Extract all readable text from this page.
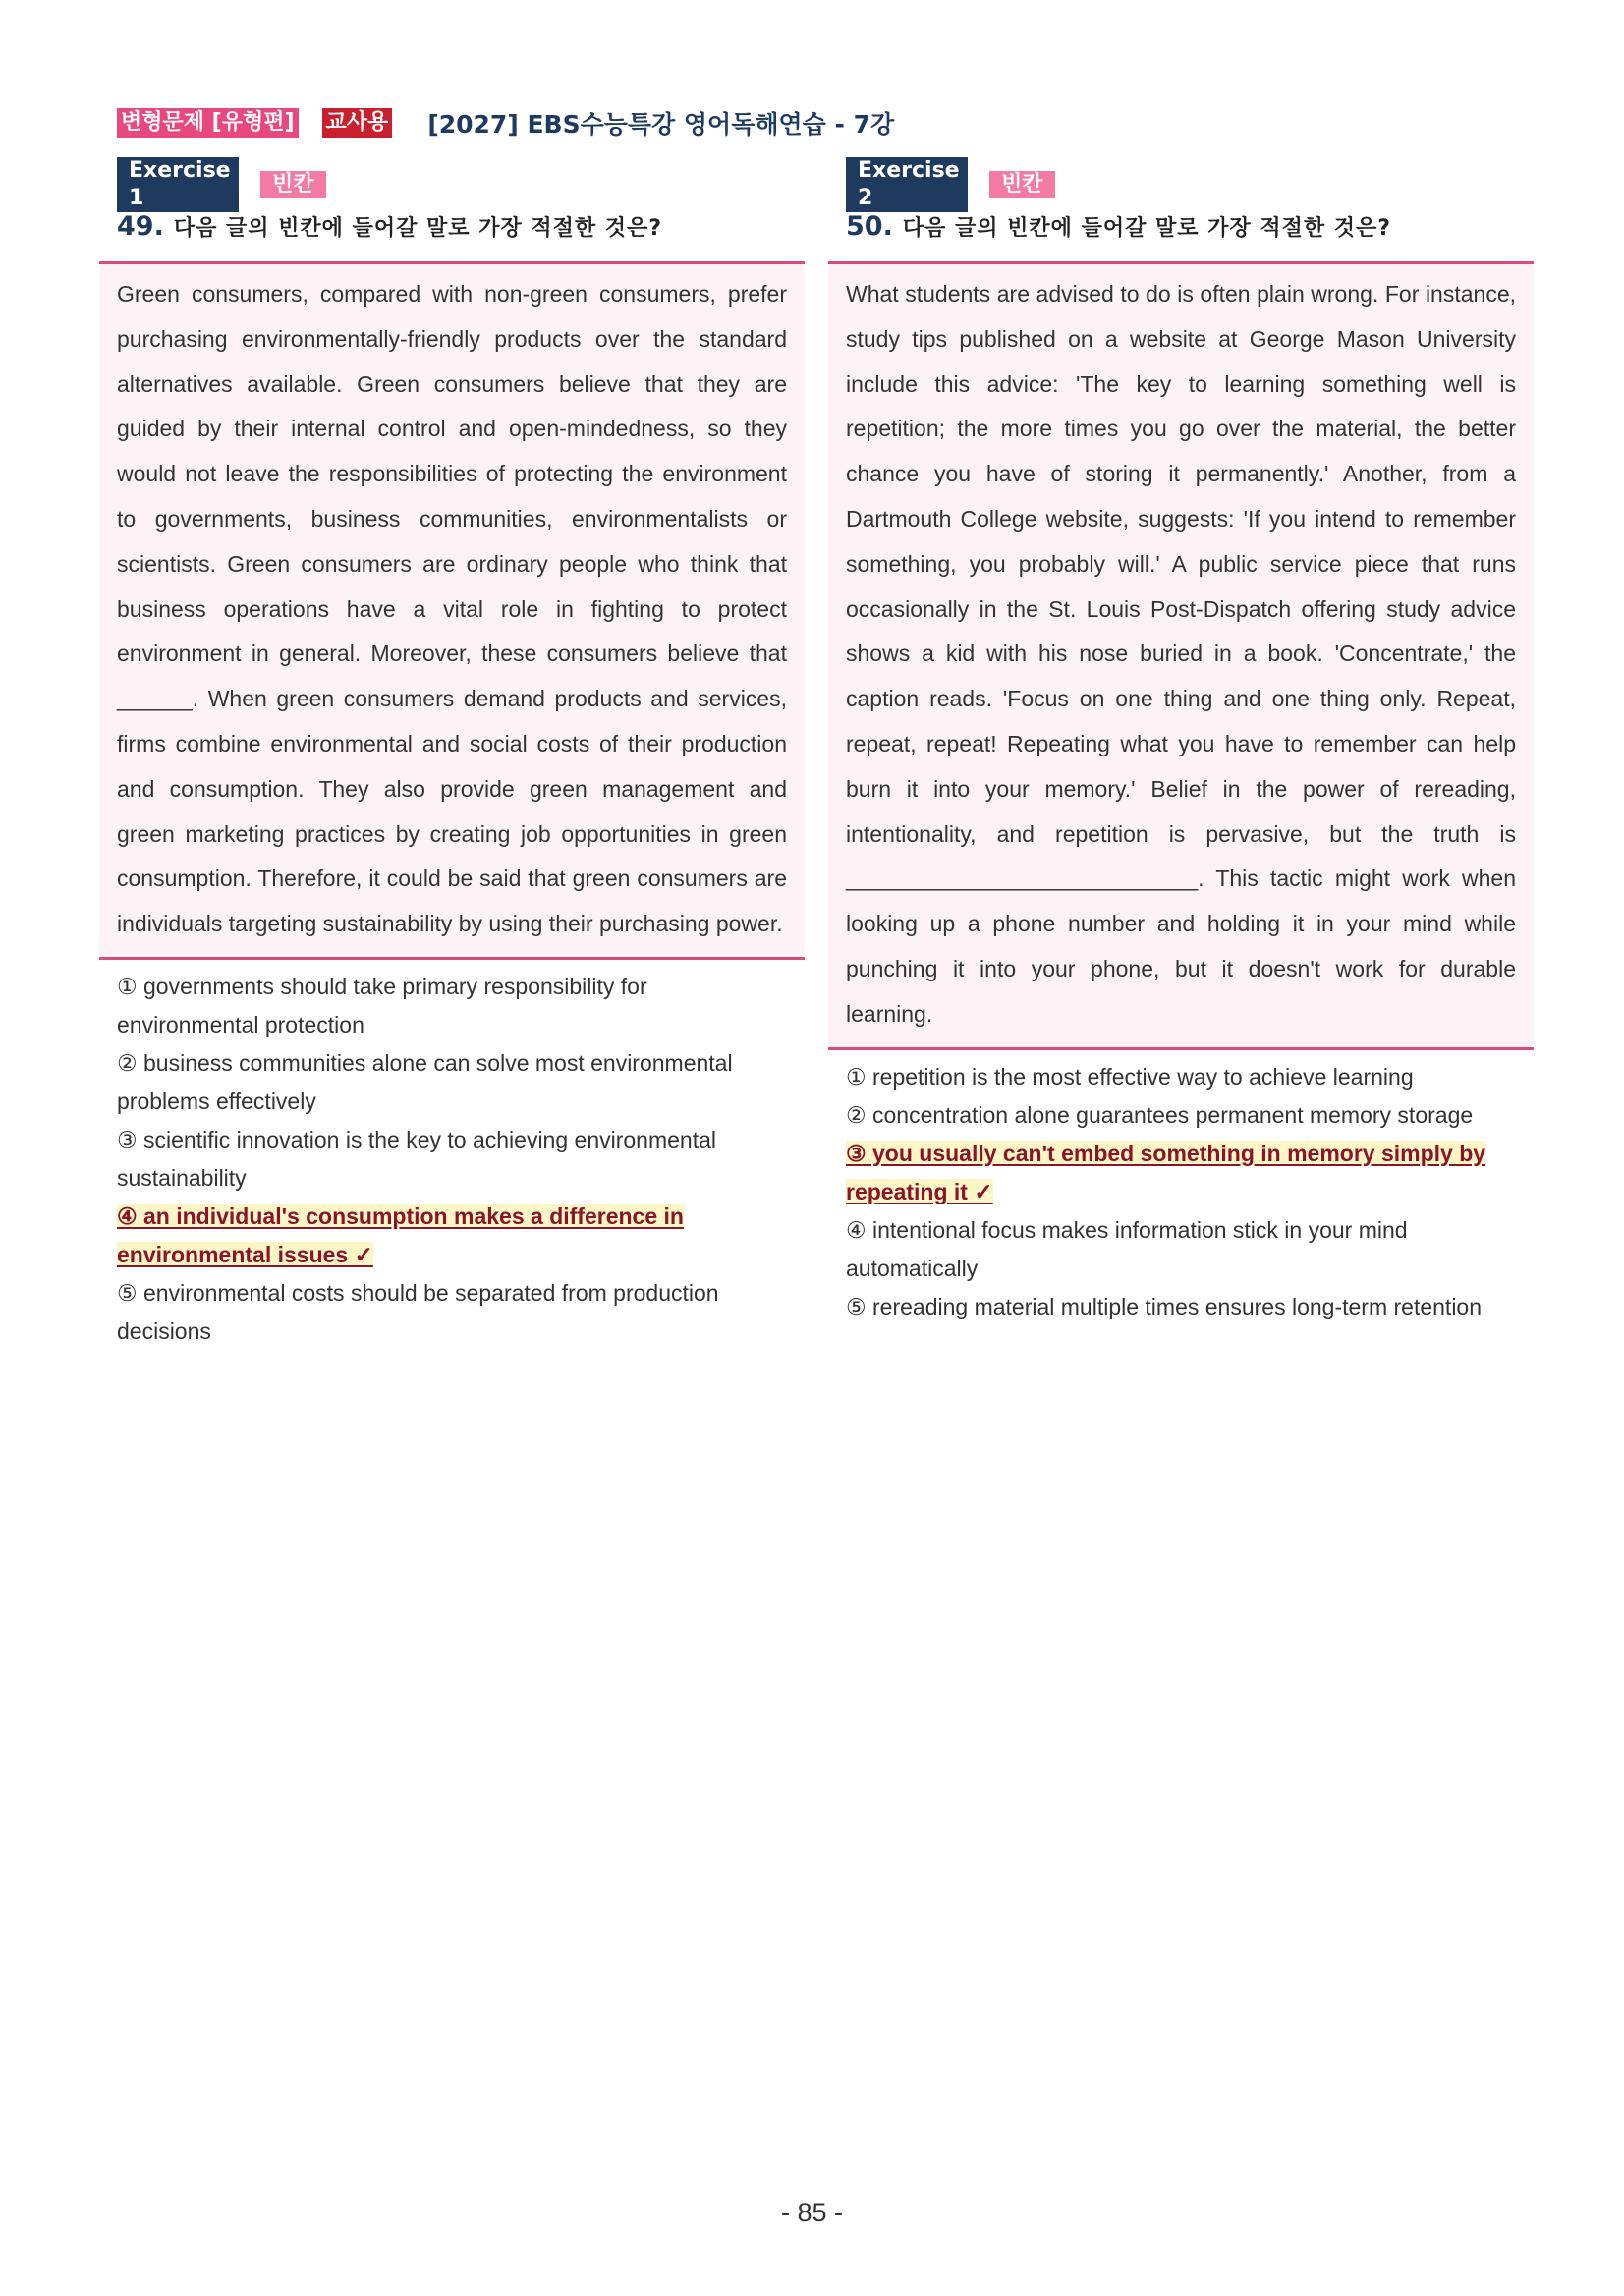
변형문제 [유형편] 교사용 [2027] EBS수능특강 영어독해연습 - 7강
Exercise 1
빈칸
49. 다음 글의 빈칸에 들어갈 말로 가장 적절한 것은?

Green consumers, compared with non-green consumers, prefer purchasing environmentally-friendly products over the standard alternatives available. Green consumers believe that they are guided by their internal control and open-mindedness, so they would not leave the responsibilities of protecting the environment to governments, business communities, environmentalists or scientists. Green consumers are ordinary people who think that business operations have a vital role in fighting to protect environment in general. Moreover, these consumers believe that ______. When green consumers demand products and services, firms combine environmental and social costs of their production and consumption. They also provide green management and green marketing practices by creating job opportunities in green consumption. Therefore, it could be said that green consumers are individuals targeting sustainability by using their purchasing power.

① governments should take primary responsibility for environmental protection
② business communities alone can solve most environmental problems effectively
③ scientific innovation is the key to achieving environmental sustainability
④ an individual's consumption makes a difference in environmental issues ✓
⑤ environmental costs should be separated from production decisions
Exercise 2
빈칸
50. 다음 글의 빈칸에 들어갈 말로 가장 적절한 것은?

What students are advised to do is often plain wrong. For instance, study tips published on a website at George Mason University include this advice: 'The key to learning something well is repetition; the more times you go over the material, the better chance you have of storing it permanently.' Another, from a Dartmouth College website, suggests: 'If you intend to remember something, you probably will.' A public service piece that runs occasionally in the St. Louis Post-Dispatch offering study advice shows a kid with his nose buried in a book. 'Concentrate,' the caption reads. 'Focus on one thing and one thing only. Repeat, repeat, repeat! Repeating what you have to remember can help burn it into your memory.' Belief in the power of rereading, intentionality, and repetition is pervasive, but the truth is ____________________________. This tactic might work when looking up a phone number and holding it in your mind while punching it into your phone, but it doesn't work for durable learning.

① repetition is the most effective way to achieve learning
② concentration alone guarantees permanent memory storage
③ you usually can't embed something in memory simply by repeating it ✓
④ intentional focus makes information stick in your mind automatically
⑤ rereading material multiple times ensures long-term retention
- 85 -
